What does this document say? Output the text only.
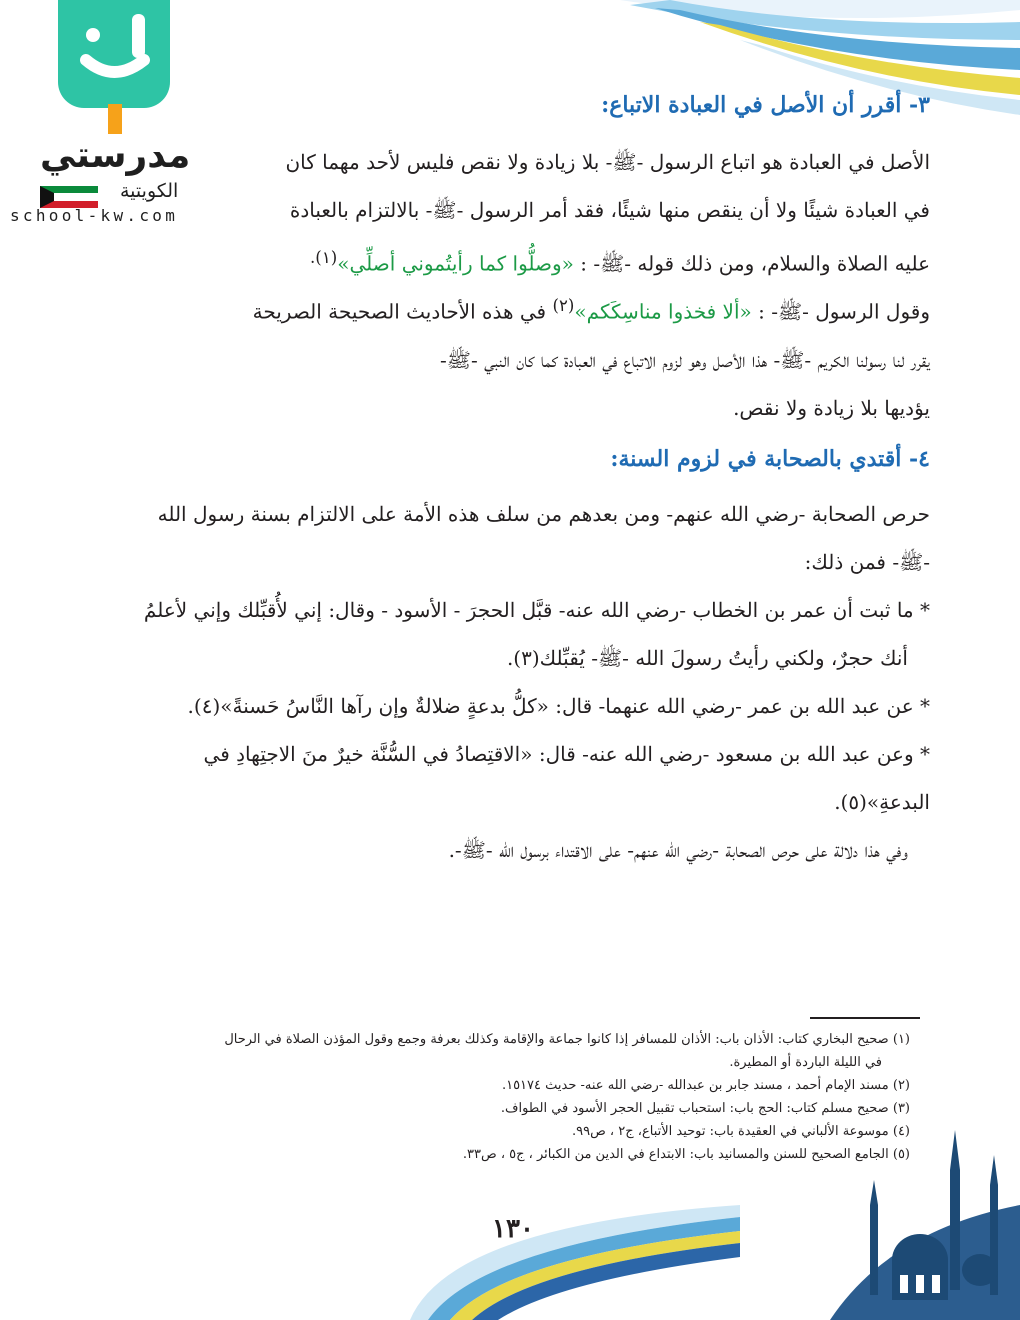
مدرستي
الكويتية
school-kw.com
٣- أقرر أن الأصل في العبادة الاتباع:
الأصل في العبادة هو اتباع الرسول -ﷺ- بلا زيادة ولا نقص فليس لأحد مهما كان
في العبادة شيئًا ولا أن ينقص منها شيئًا، فقد أمر الرسول -ﷺ- بالالتزام بالعبادة
عليه الصلاة والسلام، ومن ذلك قوله -ﷺ- : «وصلُّوا كما رأيتُموني أصلِّي»$^{(١).}$
وقول الرسول -ﷺ- : «ألا فخذوا مناسِكَكم»$^{(٢)}$ في هذه الأحاديث الصحيحة الصريحة
يقرر لنا رسولنا الكريم -ﷺ- هذا الأصل وهو لزوم الاتباع في العبادة كما كان النبي -ﷺ-
يؤديها بلا زيادة ولا نقص.
٤- أقتدي بالصحابة في لزوم السنة:
حرص الصحابة -رضي الله عنهم- ومن بعدهم من سلف هذه الأمة على الالتزام بسنة رسول الله
-ﷺ- فمن ذلك:
* ما ثبت أن عمر بن الخطاب -رضي الله عنه- قبَّل الحجرَ - الأسود - وقال: إني لأُقبِّلك وإني لأعلمُ
أنك حجرٌ، ولكني رأيتُ رسولَ الله -ﷺ- يُقبِّلك(٣).
* عن عبد الله بن عمر -رضي الله عنهما- قال: «كلُّ بدعةٍ ضلالةٌ وإن رآها النَّاسُ حَسنةً»(٤).
* وعن عبد الله بن مسعود -رضي الله عنه- قال: «الاقتِصادُ في السُّنَّة خيرٌ منَ الاجتِهادِ في البدعةِ»(٥).
وفي هذا دلالة على حرص الصحابة -رضي الله عنهم- على الاقتداء برسول الله -ﷺ-.
(١) صحيح البخاري كتاب: الأذان باب: الأذان للمسافر إذا كانوا جماعة والإقامة وكذلك بعرفة وجمع وقول المؤذن الصلاة في الرحال
في الليلة الباردة أو المطيرة.
(٢) مسند الإمام أحمد ، مسند جابر بن عبدالله -رضي الله عنه- حديث ١٥١٧٤.
(٣) صحيح مسلم كتاب: الحج باب: استحباب تقبيل الحجر الأسود في الطواف.
(٤) موسوعة الألباني في العقيدة باب: توحيد الأتباع، ج٢ ، ص٩٩.
(٥) الجامع الصحيح للسنن والمسانيد باب: الابتداع في الدين من الكبائر ، ج٥ ، ص٣٣.
١٣٠
